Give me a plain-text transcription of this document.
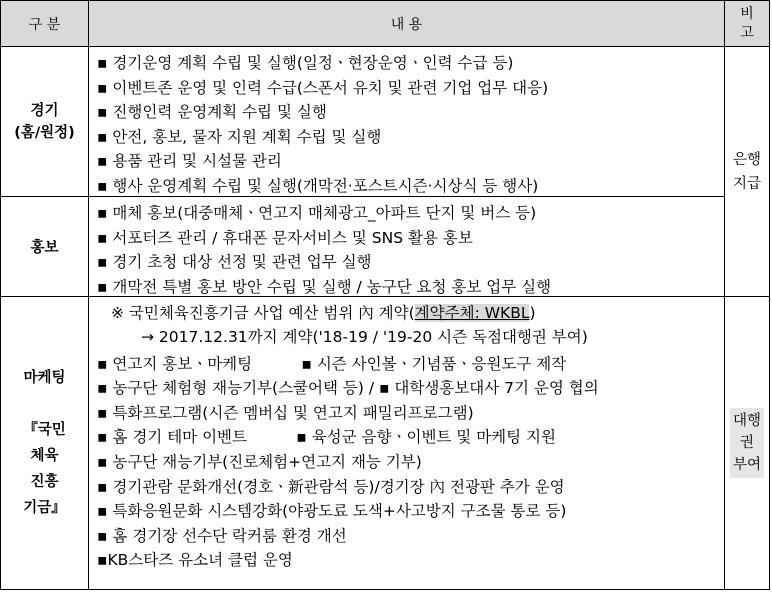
구 분	내 용
비
고
경기
(홈/원정)
▪ 경기운영 계획 수립 및 실행(일정ㆍ현장운영ㆍ인력 수급 등)
▪ 이벤트존 운영 및 인력 수급(스폰서 유치 및 관련 기업 업무 대응)
▪ 진행인력 운영계획 수립 및 실행
▪ 안전, 홍보, 물자 지원 계획 수립 및 실행
▪ 용품 관리 및 시설물 관리
▪ 행사 운영계획 수립 및 실행(개막전·포스트시즌·시상식 등 행사)
홍보
▪ 매체 홍보(대중매체ㆍ연고지 매체광고_아파트 단지 및 버스 등)
▪ 서포터즈 관리 / 휴대폰 문자서비스 및 SNS 활용 홍보
▪ 경기 초청 대상 선정 및 관련 업무 실행
▪ 개막전 특별 홍보 방안 수립 및 실행 / 농구단 요청 홍보 업무 실행
은행
지급
마케팅
『국민
체육
진흥
기금』
※ 국민체육진흥기금 사업 예산 범위 內 계약(계약주체: WKBL)
→ 2017.12.31까지 계약('18-19 / '19-20 시즌 독점대행권 부여)
▪ 연고지 홍보ㆍ마케팅          ▪ 시즌 사인볼ㆍ기념품ㆍ응원도구 제작
▪ 농구단 체험형 재능기부(스쿨어택 등) / ▪ 대학생홍보대사 7기 운영 협의
▪ 특화프로그램(시즌 멤버십 및 연고지 패밀리프로그램)
▪ 홈 경기 테마 이벤트          ▪ 육성군 음향ㆍ이벤트 및 마케팅 지원
▪ 농구단 재능기부(진로체험+연고지 재능 기부)
▪ 경기관람 문화개선(경호ㆍ新관람석 등)/경기장 內 전광판 추가 운영
▪ 특화응원문화 시스템강화(야광도료 도색+사고방지 구조물 통로 등)
▪ 홈 경기장 선수단 락커룸 환경 개선
▪KB스타즈 유소녀 클럽 운영
대행
권
부여
